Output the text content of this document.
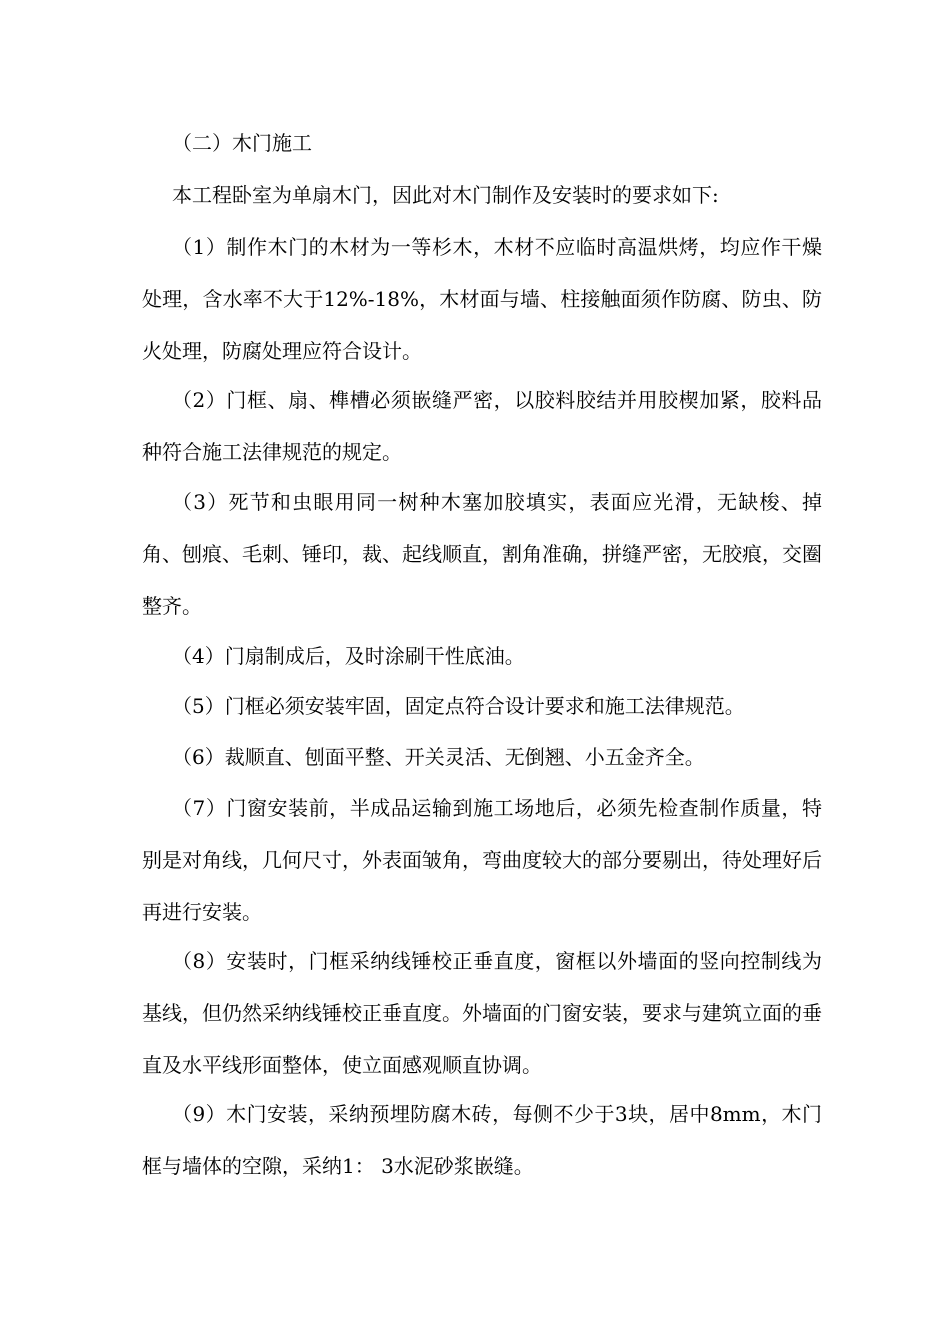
（二）木门施工

本工程卧室为单扇木门，因此对木门制作及安装时的要求如下:

（1）制作木门的木材为一等杉木，木材不应临时高温烘烤，均应作干燥处理，含水率不大于12%-18%，木材面与墙、柱接触面须作防腐、防虫、防火处理，防腐处理应符合设计。

（2）门框、扇、榫槽必须嵌缝严密，以胶料胶结并用胶楔加紧，胶料品种符合施工法律规范的规定。

（3）死节和虫眼用同一树种木塞加胶填实，表面应光滑，无缺梭、掉角、刨痕、毛刺、锤印，裁、起线顺直，割角准确，拼缝严密，无胶痕，交圈整齐。

（4）门扇制成后，及时涂刷干性底油。

（5）门框必须安装牢固，固定点符合设计要求和施工法律规范。

（6）裁顺直、刨面平整、开关灵活、无倒翘、小五金齐全。

（7）门窗安装前，半成品运输到施工场地后，必须先检查制作质量，特别是对角线，几何尺寸，外表面皱角，弯曲度较大的部分要剔出，待处理好后再进行安装。

（8）安装时，门框采纳线锤校正垂直度，窗框以外墙面的竖向控制线为基线，但仍然采纳线锤校正垂直度。外墙面的门窗安装，要求与建筑立面的垂直及水平线形面整体，使立面感观顺直协调。

（9）木门安装，采纳预埋防腐木砖，每侧不少于3块，居中8mm，木门框与墙体的空隙，采纳1： 3水泥砂浆嵌缝。
